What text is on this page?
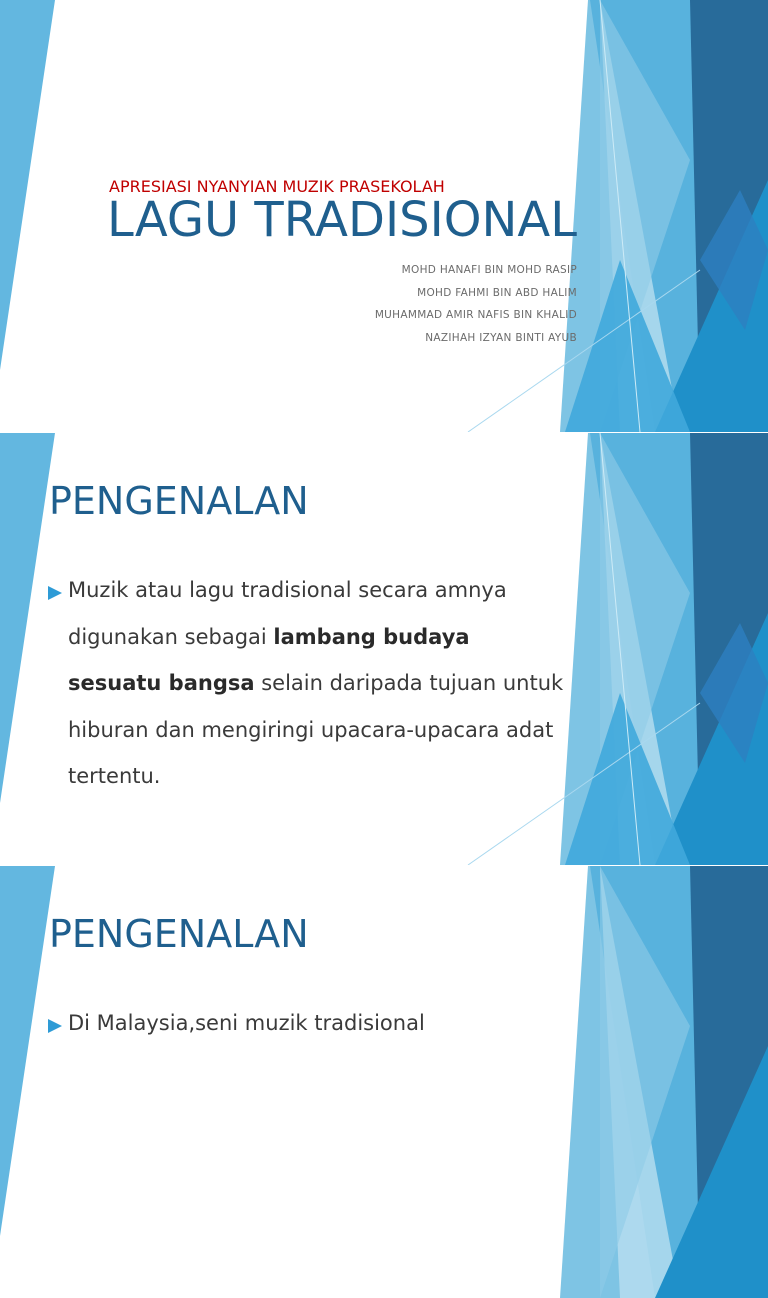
APRESIASI NYANYIAN MUZIK PRASEKOLAH
LAGU TRADISIONAL
MOHD HANAFI BIN MOHD RASIP
MOHD FAHMI BIN ABD HALIM
MUHAMMAD AMIR NAFIS BIN KHALID
NAZIHAH IZYAN BINTI AYUB
PENGENALAN
Muzik atau lagu tradisional secara amnya digunakan sebagai lambang budaya sesuatu bangsa selain daripada tujuan untuk hiburan dan mengiringi upacara-upacara adat tertentu.
PENGENALAN
Di Malaysia,seni muzik tradisional
